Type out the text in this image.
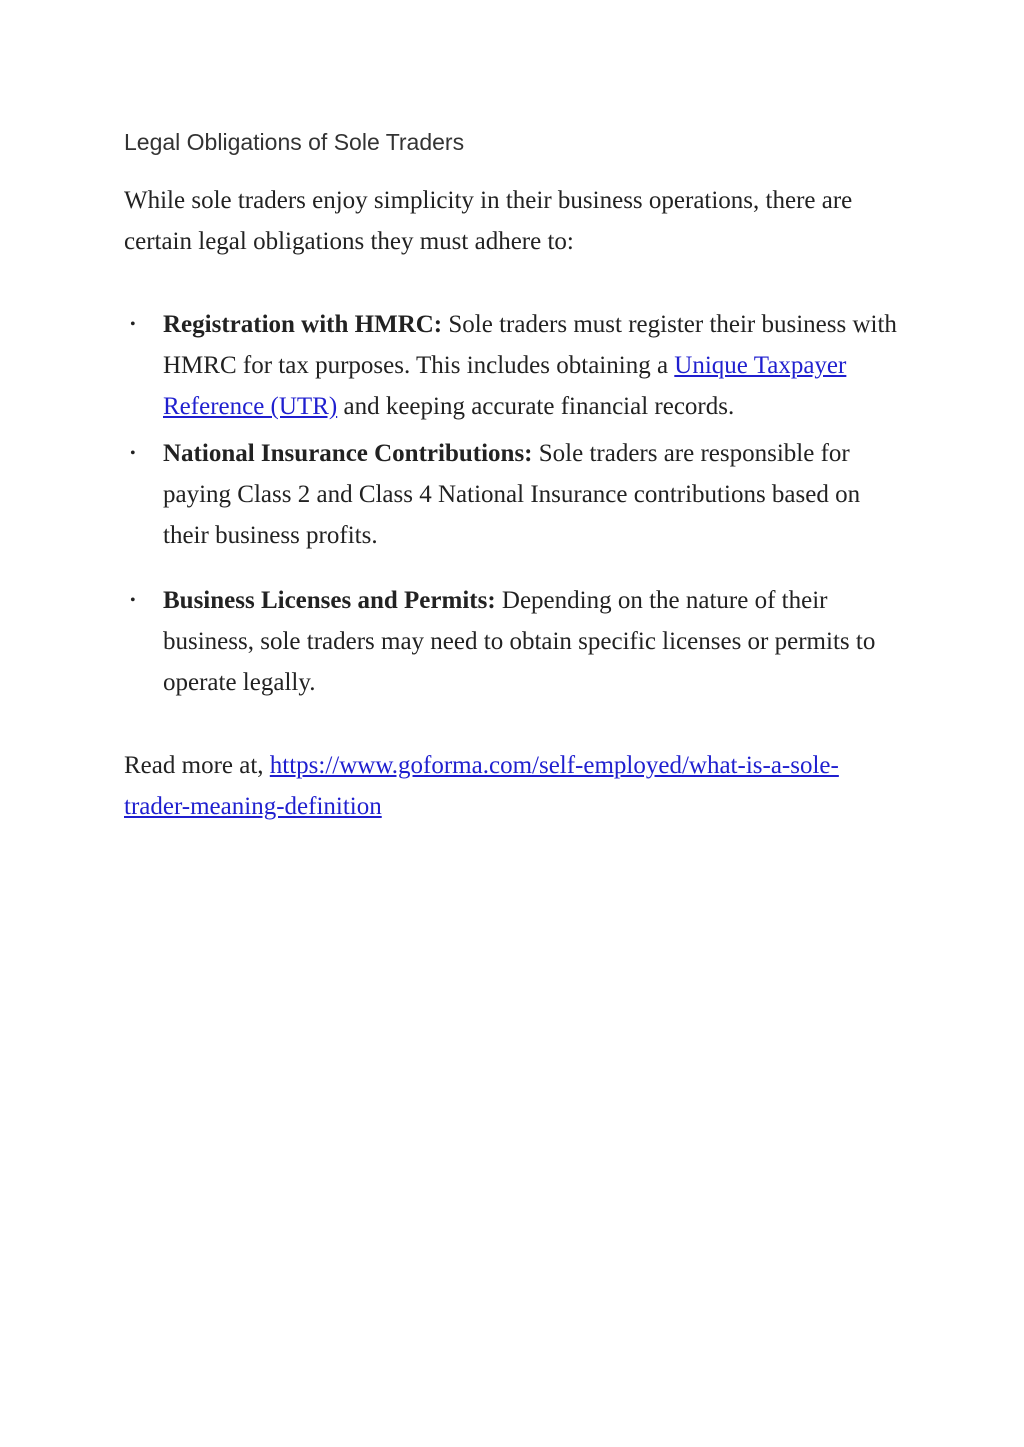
Legal Obligations of Sole Traders

While sole traders enjoy simplicity in their business operations, there are certain legal obligations they must adhere to:

• Registration with HMRC: Sole traders must register their business with HMRC for tax purposes. This includes obtaining a Unique Taxpayer Reference (UTR) and keeping accurate financial records.
• National Insurance Contributions: Sole traders are responsible for paying Class 2 and Class 4 National Insurance contributions based on their business profits.
• Business Licenses and Permits: Depending on the nature of their business, sole traders may need to obtain specific licenses or permits to operate legally.

Read more at, https://www.goforma.com/self-employed/what-is-a-sole-trader-meaning-definition
